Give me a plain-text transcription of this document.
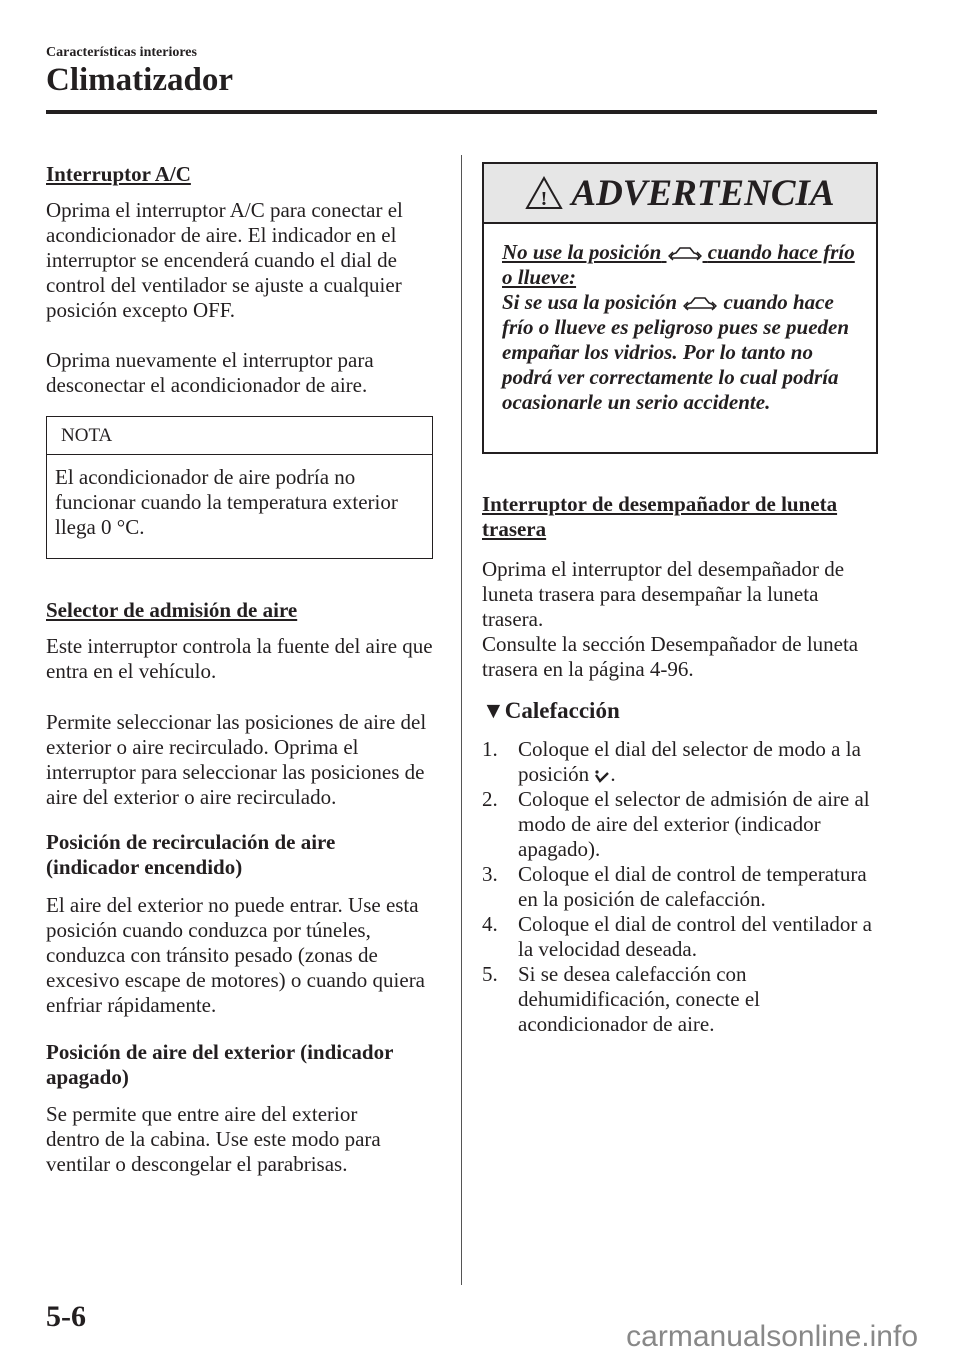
Características interiores
Climatizador
Interruptor A/C
Oprima el interruptor A/C para conectar el acondicionador de aire. El indicador en el interruptor se encenderá cuando el dial de control del ventilador se ajuste a cualquier posición excepto OFF.
Oprima nuevamente el interruptor para desconectar el acondicionador de aire.
NOTA
El acondicionador de aire podría no funcionar cuando la temperatura exterior llega 0 °C.
Selector de admisión de aire
Este interruptor controla la fuente del aire que entra en el vehículo.
Permite seleccionar las posiciones de aire del exterior o aire recirculado. Oprima el interruptor para seleccionar las posiciones de aire del exterior o aire recirculado.
Posición de recirculación de aire (indicador encendido)
El aire del exterior no puede entrar. Use esta posición cuando conduzca por túneles, conduzca con tránsito pesado (zonas de excesivo escape de motores) o cuando quiera enfriar rápidamente.
Posición de aire del exterior (indicador apagado)
Se permite que entre aire del exterior dentro de la cabina. Use este modo para ventilar o descongelar el parabrisas.
! ADVERTENCIA
No use la posición cuando hace frío o llueve:
Si se usa la posición cuando hace frío o llueve es peligroso pues se pueden empañar los vidrios. Por lo tanto no podrá ver correctamente lo cual podría ocasionarle un serio accidente.
Interruptor de desempañador de luneta trasera
Oprima el interruptor del desempañador de luneta trasera para desempañar la luneta trasera.
Consulte la sección Desempañador de luneta trasera en la página 4-96.
▼Calefacción
1. Coloque el dial del selector de modo a la posición .
2. Coloque el selector de admisión de aire al modo de aire del exterior (indicador apagado).
3. Coloque el dial de control de temperatura en la posición de calefacción.
4. Coloque el dial de control del ventilador a la velocidad deseada.
5. Si se desea calefacción con dehumidificación, conecte el acondicionador de aire.
5-6
carmanualsonline.info
